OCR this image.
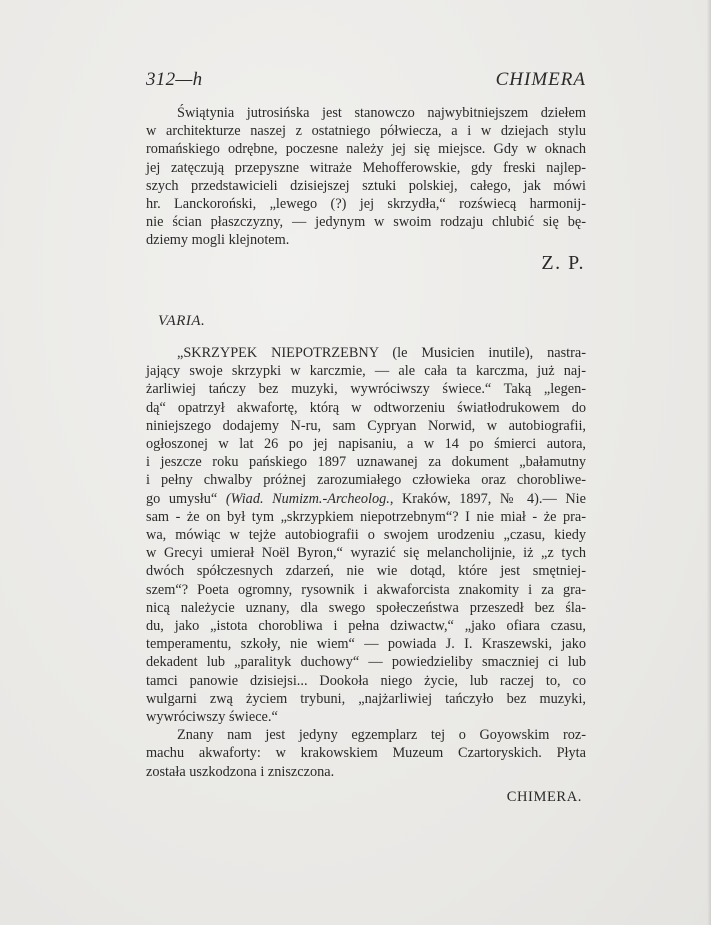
312—h	CHIMERA

Świątynia jutrosińska jest stanowczo najwybitniejszem dziełem
w architekturze naszej z ostatniego półwiecza, a i w dziejach stylu
romańskiego odrębne, poczesne należy jej się miejsce. Gdy w oknach
jej zatęczują przepyszne witraże Mehofferowskie, gdy freski najlep-
szych przedstawicieli dzisiejszej sztuki polskiej, całego, jak mówi
hr. Lanckoroński, „lewego (?) jej skrzydła,“ rozświecą harmonij-
nie ścian płaszczyzny, — jedynym w swoim rodzaju chlubić się bę-
dziemy mogli klejnotem.

Z. P.
VARIA.

„SKRZYPEK NIEPOTRZEBNY (le Musicien inutile), nastra-
jający swoje skrzypki w karczmie, — ale cała ta karczma, już naj-
żarliwiej tańczy bez muzyki, wywróciwszy świece.“ Taką „legen-
dą“ opatrzył akwafortę, którą w odtworzeniu światłodrukowem do
niniejszego dodajemy N-ru, sam Cypryan Norwid, w autobiografii,
ogłoszonej w lat 26 po jej napisaniu, a w 14 po śmierci autora,
i jeszcze roku pańskiego 1897 uznawanej za dokument „bałamutny
i pełny chwalby próżnej zarozumiałego człowieka oraz chorobliwe-
go umysłu“ (Wiad. Numizm.-Archeolog., Kraków, 1897, № 4).— Nie
sam - że on był tym „skrzypkiem niepotrzebnym“? I nie miał - że pra-
wa, mówiąc w tejże autobiografii o swojem urodzeniu „czasu, kiedy
w Grecyi umierał Noël Byron,“ wyrazić się melancholijnie, iż „z tych
dwóch spółczesnych zdarzeń, nie wie dotąd, które jest smętniej-
szem“? Poeta ogromny, rysownik i akwaforcista znakomity i za gra-
nicą należycie uznany, dla swego społeczeństwa przeszedł bez śla-
du, jako „istota chorobliwa i pełna dziwactw,“ „jako ofiara czasu,
temperamentu, szkoły, nie wiem“ — powiada J. I. Kraszewski, jako
dekadent lub „paralityk duchowy“ — powiedzieliby smaczniej ci lub
tamci panowie dzisiejsi... Dookoła niego życie, lub raczej to, co
wulgarni zwą życiem trybuni, „najżarliwiej tańczyło bez muzyki,
wywróciwszy świece.“

Znany nam jest jedyny egzemplarz tej o Goyowskim roz-
machu akwaforty: w krakowskiem Muzeum Czartoryskich. Płyta
została uszkodzona i zniszczona.

CHIMERA.
